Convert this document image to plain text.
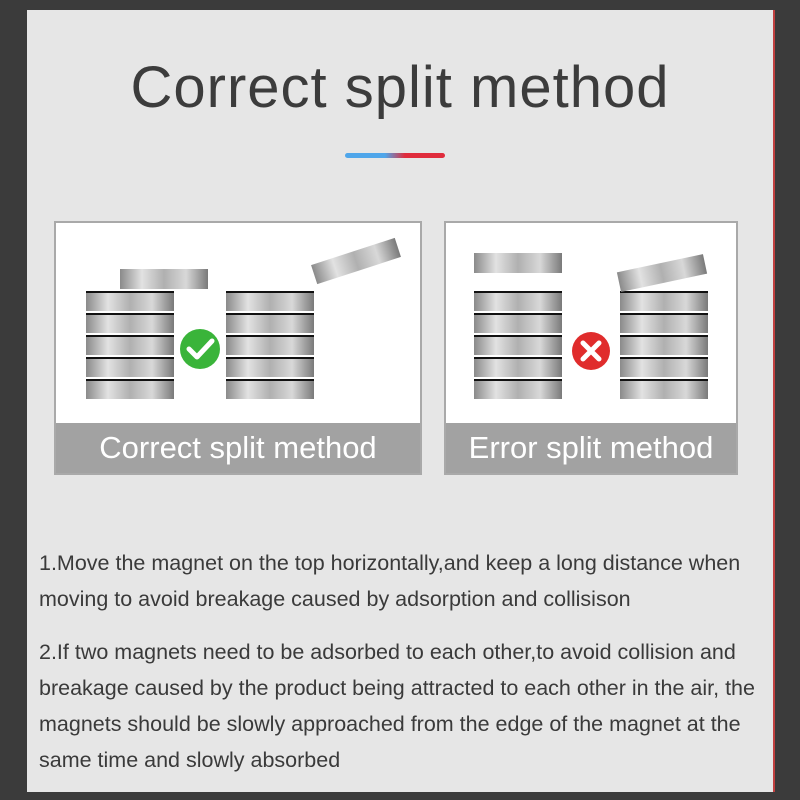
Correct split method
Correct split method	Error split method

1.Move the magnet on the top horizontally,and keep a long distance when moving to avoid breakage caused by adsorption and collisison

2.If two magnets need to be adsorbed to each other,to avoid collision and breakage caused by the product being attracted to each other in the air, the magnets should be slowly approached from the edge of the magnet at the same time and slowly absorbed
